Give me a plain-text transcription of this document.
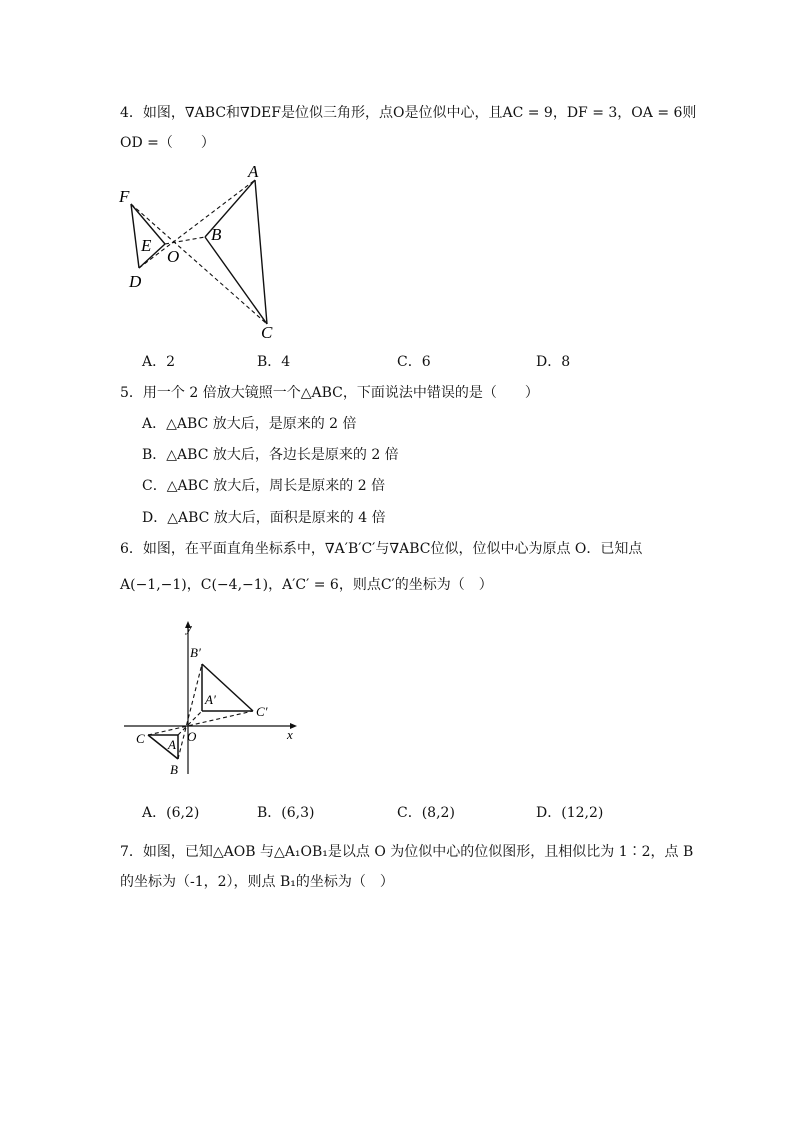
4．如图，∇ABC和∇DEF是位似三角形，点O是位似中心，且AC = 9，DF = 3，OA = 6则
OD =（　　）
F
E
D
O
A
B
C
A．2	B．4	C．6	D．8
5．用一个 2 倍放大镜照一个△ABC，下面说法中错误的是（　　）
A．△ABC 放大后，是原来的 2 倍
B．△ABC 放大后，各边长是原来的 2 倍
C．△ABC 放大后，周长是原来的 2 倍
D．△ABC 放大后，面积是原来的 4 倍
6．如图，在平面直角坐标系中，∇A′B′C′与∇ABC位似，位似中心为原点 O．已知点
A(−1,−1)，C(−4,−1)，A′C′ = 6，则点C′的坐标为（　）
y
x
O
B′
A′
C′
C A
B
A．(6,2)	B．(6,3)	C．(8,2)	D．(12,2)
7．如图，已知△AOB 与△A₁OB₁是以点 O 为位似中心的位似图形，且相似比为 1∶2，点 B
的坐标为（-1，2），则点 B₁的坐标为（　）
